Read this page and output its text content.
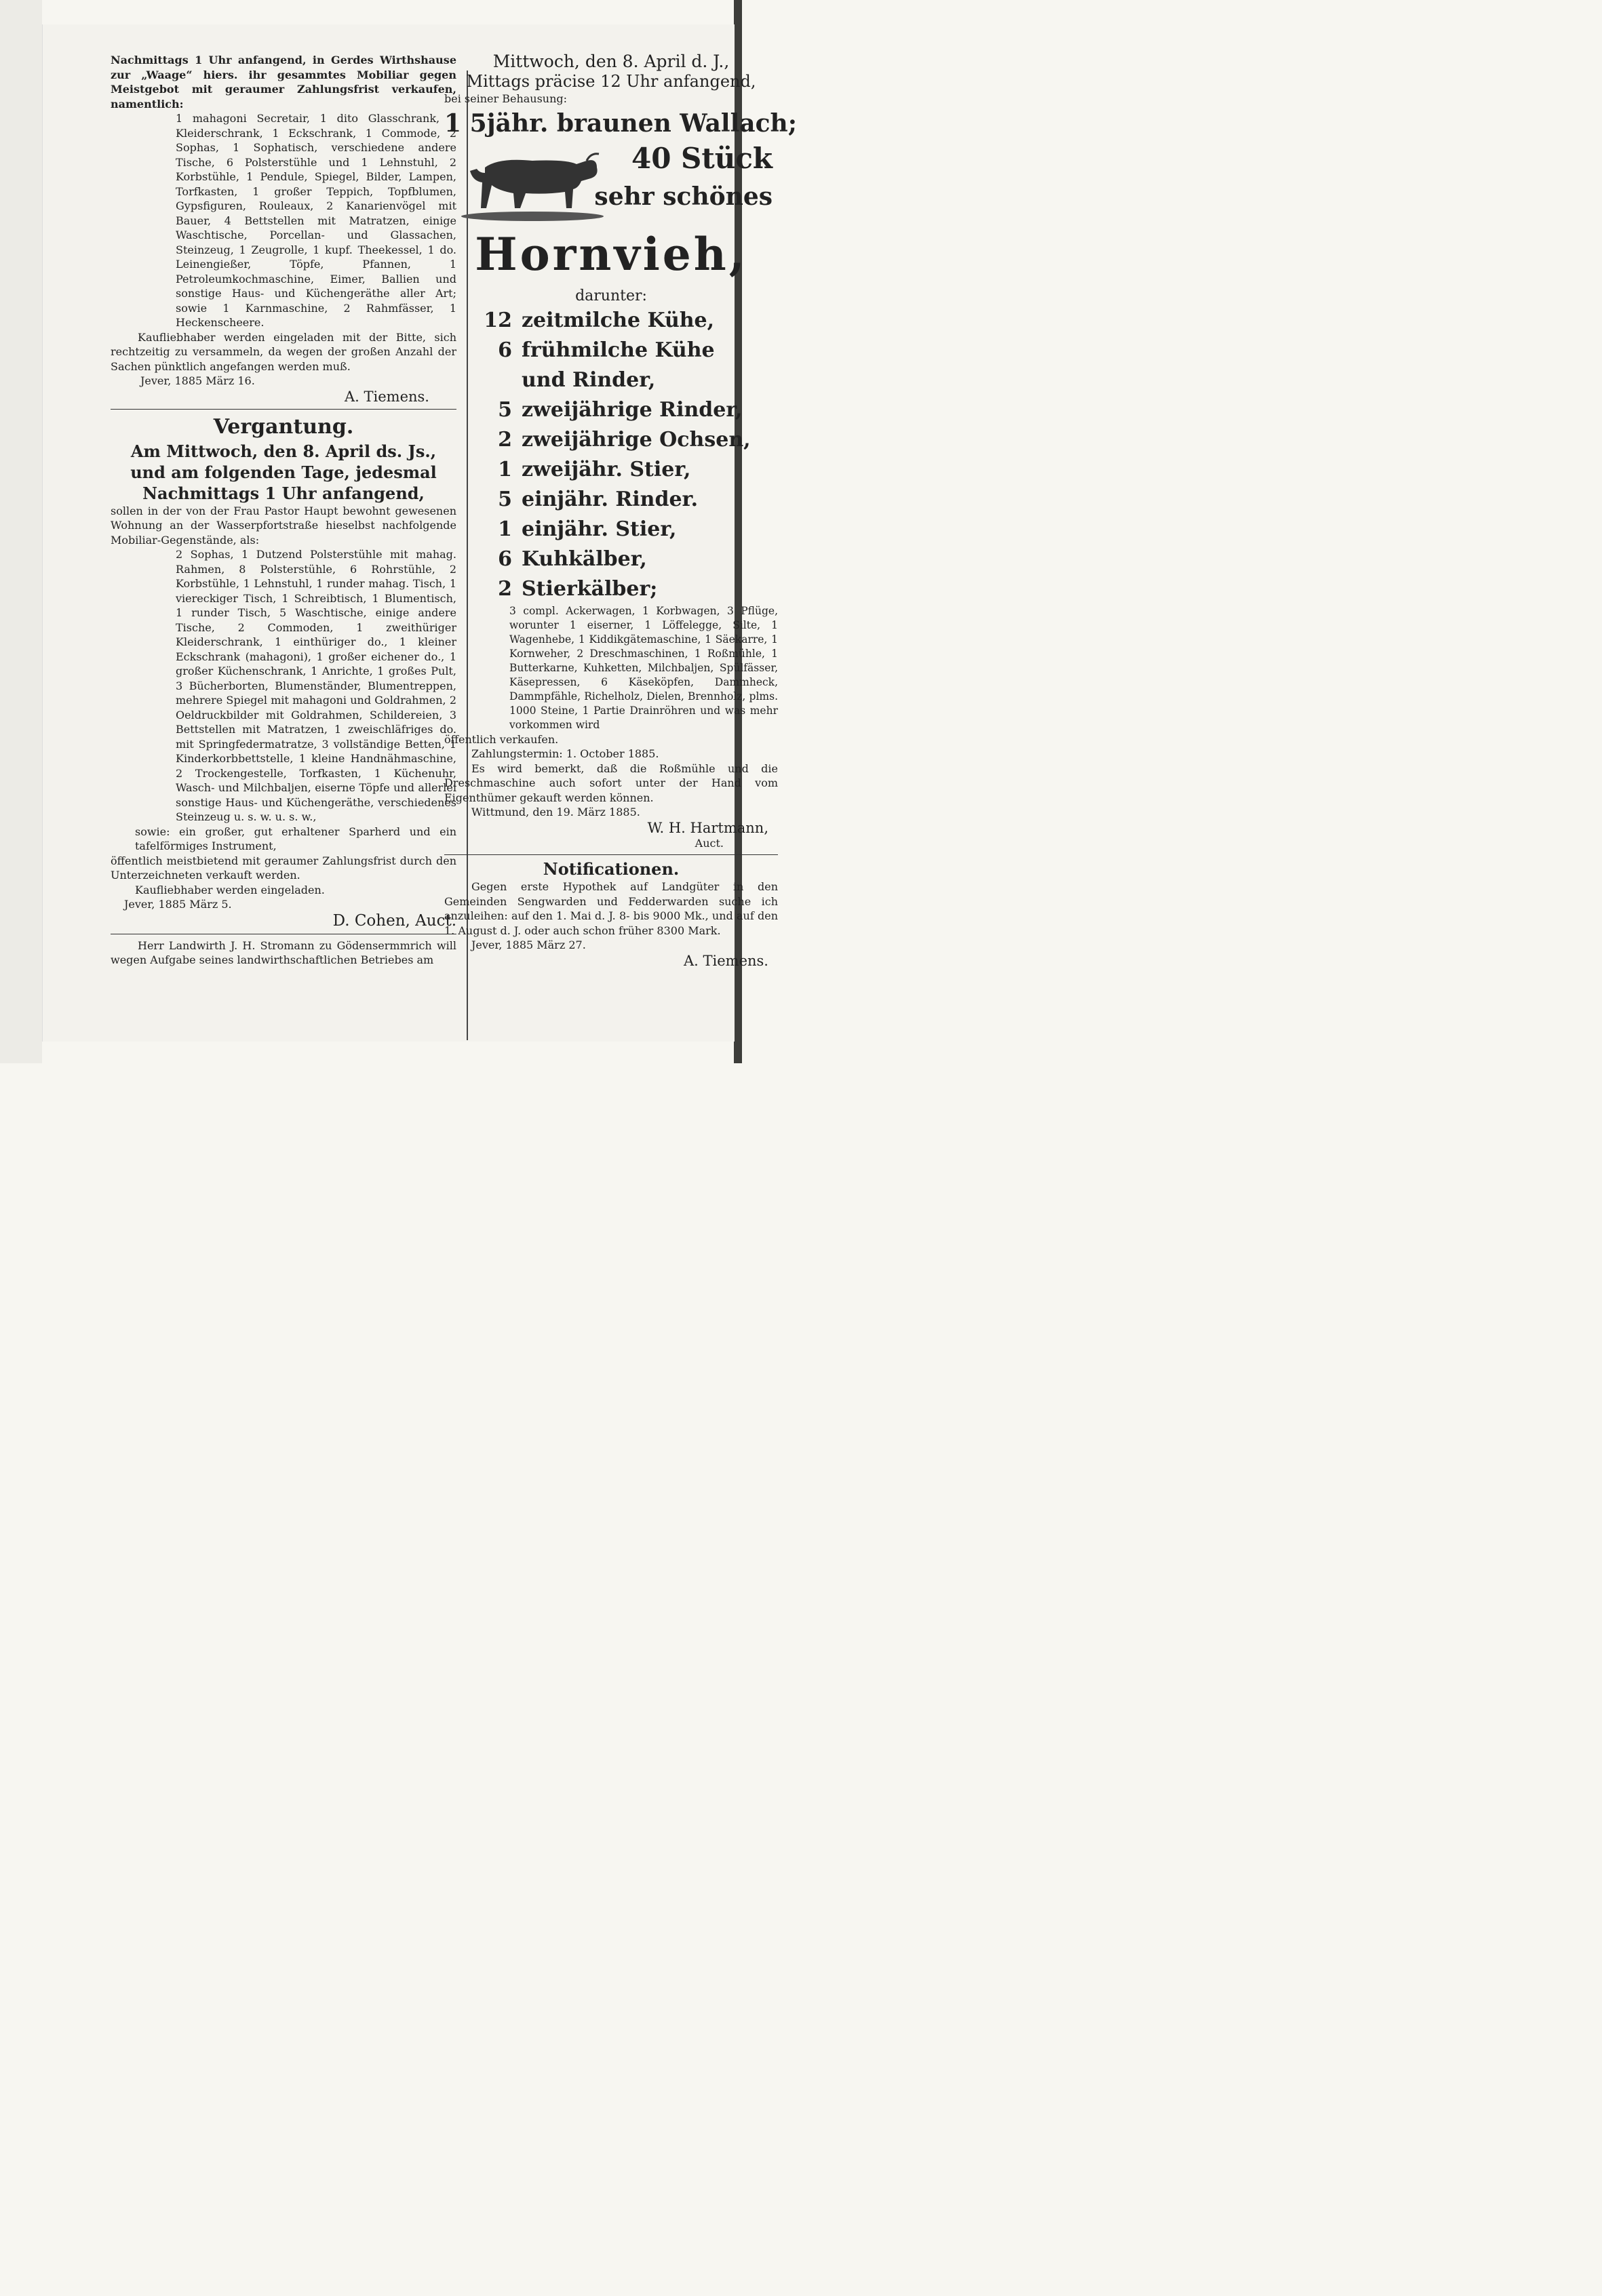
Nachmittags 1 Uhr anfangend, in Gerdes Wirthshause zur „Waage“ hiers. ihr gesammtes Mobiliar gegen Meistgebot mit geraumer Zahlungsfrist verkaufen, namentlich:
1 mahagoni Secretair, 1 dito Glasschrank, 1 Kleiderschrank, 1 Eckschrank, 1 Commode, 2 Sophas, 1 Sophatisch, verschiedene andere Tische, 6 Polsterstühle und 1 Lehnstuhl, 2 Korbstühle, 1 Pendule, Spiegel, Bilder, Lampen, Torfkasten, 1 großer Teppich, Topfblumen, Gypsfiguren, Rouleaux, 2 Kanarienvögel mit Bauer, 4 Bettstellen mit Matratzen, einige Waschtische, Porcellan- und Glassachen, Steinzeug, 1 Zeugrolle, 1 kupf. Theekessel, 1 do. Leinengießer, Töpfe, Pfannen, 1 Petroleumkochmaschine, Eimer, Ballien und sonstige Haus- und Küchengeräthe aller Art; sowie 1 Karnmaschine, 2 Rahmfässer, 1 Heckenscheere.
Kaufliebhaber werden eingeladen mit der Bitte, sich rechtzeitig zu versammeln, da wegen der großen Anzahl der Sachen pünktlich angefangen werden muß.
Jever, 1885 März 16.
A. Tiemens.
Vergantung.
Am Mittwoch, den 8. April ds. Js., und am folgenden Tage, jedesmal Nachmittags 1 Uhr anfangend,
sollen in der von der Frau Pastor Haupt bewohnt gewesenen Wohnung an der Wasserpfortstraße hieselbst nachfolgende Mobiliar-Gegenstände, als:
2 Sophas, 1 Dutzend Polsterstühle mit mahag. Rahmen, 8 Polsterstühle, 6 Rohrstühle, 2 Korbstühle, 1 Lehnstuhl, 1 runder mahag. Tisch, 1 viereckiger Tisch, 1 Schreibtisch, 1 Blumentisch, 1 runder Tisch, 5 Waschtische, einige andere Tische, 2 Commoden, 1 zweithüriger Kleiderschrank, 1 einthüriger do., 1 kleiner Eckschrank (mahagoni), 1 großer eichener do., 1 großer Küchenschrank, 1 Anrichte, 1 großes Pult, 3 Bücherborten, Blumenständer, Blumentreppen, mehrere Spiegel mit mahagoni und Goldrahmen, 2 Oeldruckbilder mit Goldrahmen, Schildereien, 3 Bettstellen mit Matratzen, 1 zweischläfriges do. mit Springfedermatratze, 3 vollständige Betten, 1 Kinderkorbbettstelle, 1 kleine Handnähmaschine, 2 Trockengestelle, Torfkasten, 1 Küchenuhr, Wasch- und Milchbaljen, eiserne Töpfe und allerlei sonstige Haus- und Küchengeräthe, verschiedenes Steinzeug u. s. w. u. s. w.,
sowie: ein großer, gut erhaltener Sparherd und ein tafelförmiges Instrument,
öffentlich meistbietend mit geraumer Zahlungsfrist durch den Unterzeichneten verkauft werden.
Kaufliebhaber werden eingeladen.
Jever, 1885 März 5.
D. Cohen, Auct.
Herr Landwirth J. H. Stromann zu Gödensermmrich will wegen Aufgabe seines landwirthschaftlichen Betriebes am
Mittwoch, den 8. April d. J.,
Mittags präcise 12 Uhr anfangend,
bei seiner Behausung:
1 5jähr. braunen Wallach;
40 Stück
sehr schönes
Hornvieh,
darunter:
12 zeitmilche Kühe,
6 frühmilche Kühe
und Rinder,
5 zweijährige Rinder,
2 zweijährige Ochsen,
1 zweijähr. Stier,
5 einjähr. Rinder.
1 einjähr. Stier,
6 Kuhkälber,
2 Stierkälber;
3 compl. Ackerwagen, 1 Korbwagen, 3 Pflüge, worunter 1 eiserner, 1 Löffelegge, Silte, 1 Wagenhebe, 1 Kiddikgätemaschine, 1 Säekarre, 1 Kornweher, 2 Dreschmaschinen, 1 Roßmühle, 1 Butterkarne, Kuhketten, Milchbaljen, Spülfässer, Käsepressen, 6 Käseköpfen, Dammheck, Dammpfähle, Richelholz, Dielen, Brennholz, plms. 1000 Steine, 1 Partie Drainröhren und was mehr vorkommen wird
öffentlich verkaufen.
Zahlungstermin: 1. October 1885.
Es wird bemerkt, daß die Roßmühle und die Dreschmaschine auch sofort unter der Hand vom Eigenthümer gekauft werden können.
Wittmund, den 19. März 1885.
W. H. Hartmann,
Auct.
Notificationen.
Gegen erste Hypothek auf Landgüter in den Gemeinden Sengwarden und Fedderwarden suche ich anzuleihen: auf den 1. Mai d. J. 8- bis 9000 Mk., und auf den 1. August d. J. oder auch schon früher 8300 Mark.
Jever, 1885 März 27.
A. Tiemens.
